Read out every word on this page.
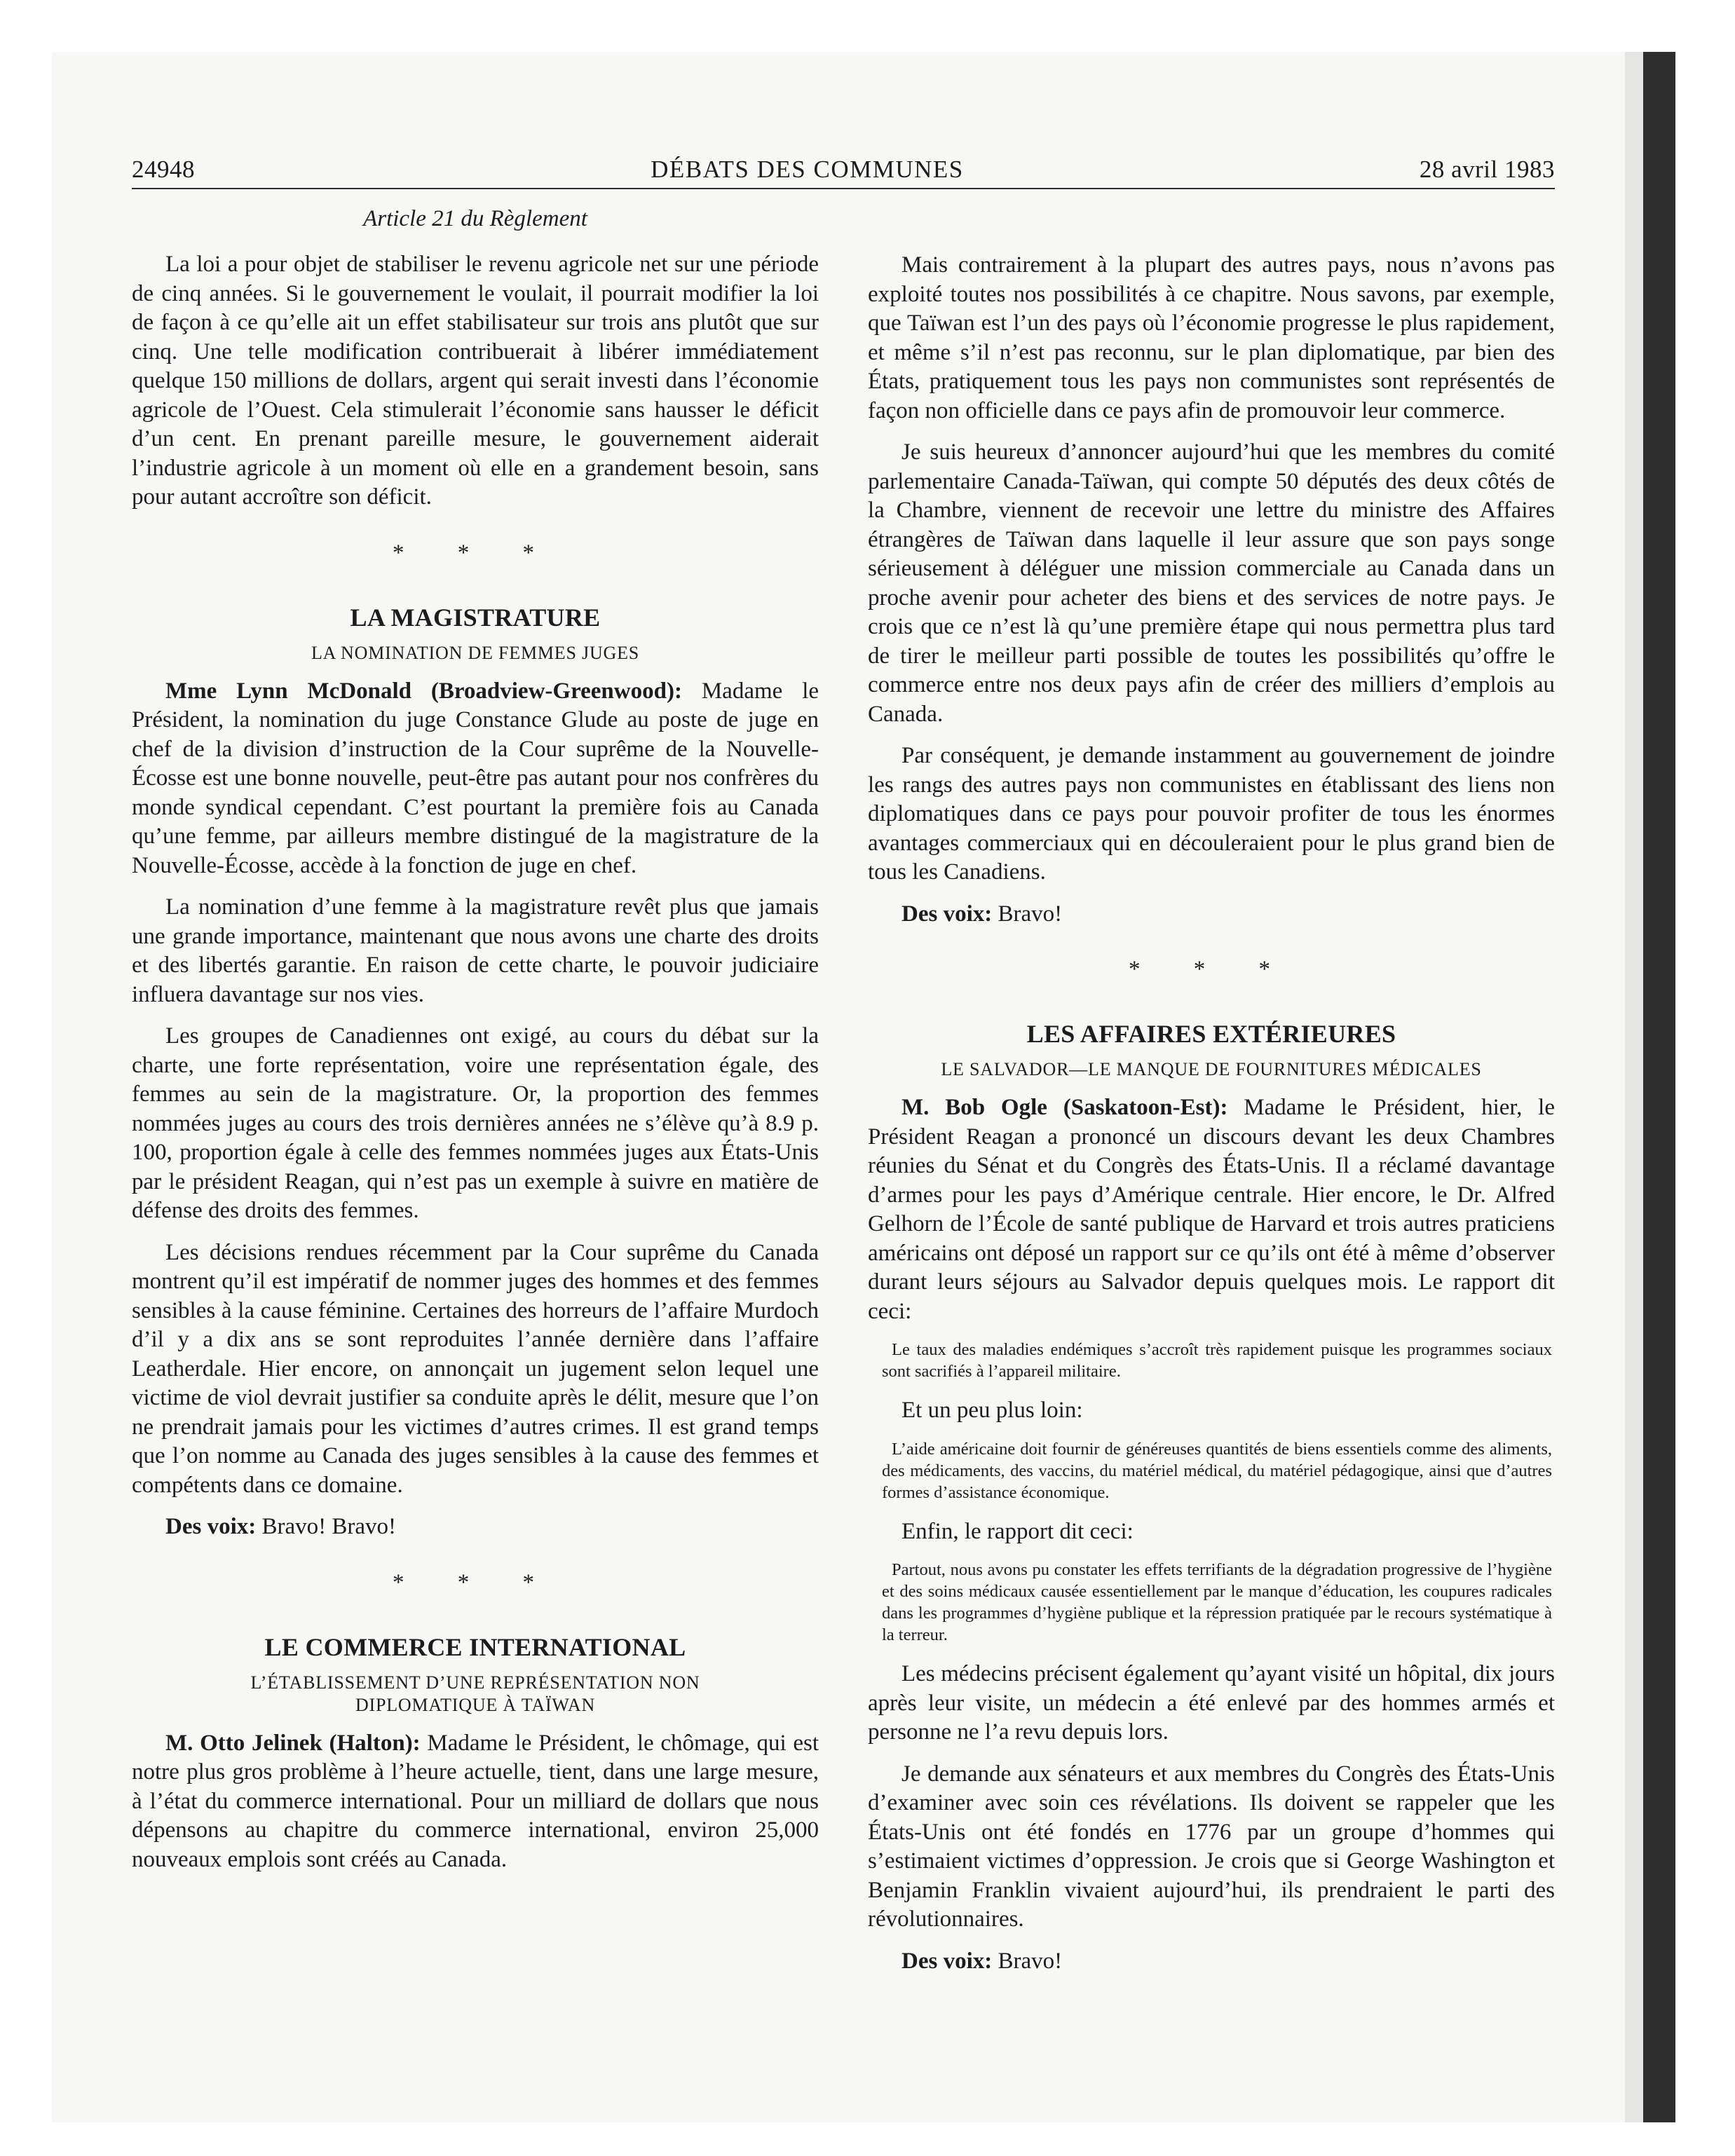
24948	DÉBATS DES COMMUNES	28 avril 1983
Article 21 du Règlement

La loi a pour objet de stabiliser le revenu agricole net sur une période de cinq années. Si le gouvernement le voulait, il pourrait modifier la loi de façon à ce qu’elle ait un effet stabilisateur sur trois ans plutôt que sur cinq. Une telle modification contribuerait à libérer immédiatement quelque 150 millions de dollars, argent qui serait investi dans l’économie agricole de l’Ouest. Cela stimulerait l’économie sans hausser le déficit d’un cent. En prenant pareille mesure, le gouvernement aiderait l’industrie agricole à un moment où elle en a grandement besoin, sans pour autant accroître son déficit.

* * *
LA MAGISTRATURE
LA NOMINATION DE FEMMES JUGES

Mme Lynn McDonald (Broadview-Greenwood): Madame le Président, la nomination du juge Constance Glude au poste de juge en chef de la division d’instruction de la Cour suprême de la Nouvelle-Écosse est une bonne nouvelle, peut-être pas autant pour nos confrères du monde syndical cependant. C’est pourtant la première fois au Canada qu’une femme, par ailleurs membre distingué de la magistrature de la Nouvelle-Écosse, accède à la fonction de juge en chef.

La nomination d’une femme à la magistrature revêt plus que jamais une grande importance, maintenant que nous avons une charte des droits et des libertés garantie. En raison de cette charte, le pouvoir judiciaire influera davantage sur nos vies.

Les groupes de Canadiennes ont exigé, au cours du débat sur la charte, une forte représentation, voire une représentation égale, des femmes au sein de la magistrature. Or, la proportion des femmes nommées juges au cours des trois dernières années ne s’élève qu’à 8.9 p. 100, proportion égale à celle des femmes nommées juges aux États-Unis par le président Reagan, qui n’est pas un exemple à suivre en matière de défense des droits des femmes.

Les décisions rendues récemment par la Cour suprême du Canada montrent qu’il est impératif de nommer juges des hommes et des femmes sensibles à la cause féminine. Certaines des horreurs de l’affaire Murdoch d’il y a dix ans se sont reproduites l’année dernière dans l’affaire Leatherdale. Hier encore, on annonçait un jugement selon lequel une victime de viol devrait justifier sa conduite après le délit, mesure que l’on ne prendrait jamais pour les victimes d’autres crimes. Il est grand temps que l’on nomme au Canada des juges sensibles à la cause des femmes et compétents dans ce domaine.

Des voix: Bravo! Bravo!

* * *
LE COMMERCE INTERNATIONAL
L’ÉTABLISSEMENT D’UNE REPRÉSENTATION NON
DIPLOMATIQUE À TAÏWAN

M. Otto Jelinek (Halton): Madame le Président, le chômage, qui est notre plus gros problème à l’heure actuelle, tient, dans une large mesure, à l’état du commerce international. Pour un milliard de dollars que nous dépensons au chapitre du commerce international, environ 25,000 nouveaux emplois sont créés au Canada.

Mais contrairement à la plupart des autres pays, nous n’avons pas exploité toutes nos possibilités à ce chapitre. Nous savons, par exemple, que Taïwan est l’un des pays où l’économie progresse le plus rapidement, et même s’il n’est pas reconnu, sur le plan diplomatique, par bien des États, pratiquement tous les pays non communistes sont représentés de façon non officielle dans ce pays afin de promouvoir leur commerce.

Je suis heureux d’annoncer aujourd’hui que les membres du comité parlementaire Canada-Taïwan, qui compte 50 députés des deux côtés de la Chambre, viennent de recevoir une lettre du ministre des Affaires étrangères de Taïwan dans laquelle il leur assure que son pays songe sérieusement à déléguer une mission commerciale au Canada dans un proche avenir pour acheter des biens et des services de notre pays. Je crois que ce n’est là qu’une première étape qui nous permettra plus tard de tirer le meilleur parti possible de toutes les possibilités qu’offre le commerce entre nos deux pays afin de créer des milliers d’emplois au Canada.

Par conséquent, je demande instamment au gouvernement de joindre les rangs des autres pays non communistes en établissant des liens non diplomatiques dans ce pays pour pouvoir profiter de tous les énormes avantages commerciaux qui en découleraient pour le plus grand bien de tous les Canadiens.

Des voix: Bravo!

* * *
LES AFFAIRES EXTÉRIEURES
LE SALVADOR—LE MANQUE DE FOURNITURES MÉDICALES

M. Bob Ogle (Saskatoon-Est): Madame le Président, hier, le Président Reagan a prononcé un discours devant les deux Chambres réunies du Sénat et du Congrès des États-Unis. Il a réclamé davantage d’armes pour les pays d’Amérique centrale. Hier encore, le Dr. Alfred Gelhorn de l’École de santé publique de Harvard et trois autres praticiens américains ont déposé un rapport sur ce qu’ils ont été à même d’observer durant leurs séjours au Salvador depuis quelques mois. Le rapport dit ceci:

Le taux des maladies endémiques s’accroît très rapidement puisque les programmes sociaux sont sacrifiés à l’appareil militaire.

Et un peu plus loin:

L’aide américaine doit fournir de généreuses quantités de biens essentiels comme des aliments, des médicaments, des vaccins, du matériel médical, du matériel pédagogique, ainsi que d’autres formes d’assistance économique.

Enfin, le rapport dit ceci:

Partout, nous avons pu constater les effets terrifiants de la dégradation progressive de l’hygiène et des soins médicaux causée essentiellement par le manque d’éducation, les coupures radicales dans les programmes d’hygiène publique et la répression pratiquée par le recours systématique à la terreur.

Les médecins précisent également qu’ayant visité un hôpital, dix jours après leur visite, un médecin a été enlevé par des hommes armés et personne ne l’a revu depuis lors.

Je demande aux sénateurs et aux membres du Congrès des États-Unis d’examiner avec soin ces révélations. Ils doivent se rappeler que les États-Unis ont été fondés en 1776 par un groupe d’hommes qui s’estimaient victimes d’oppression. Je crois que si George Washington et Benjamin Franklin vivaient aujourd’hui, ils prendraient le parti des révolutionnaires.

Des voix: Bravo!
